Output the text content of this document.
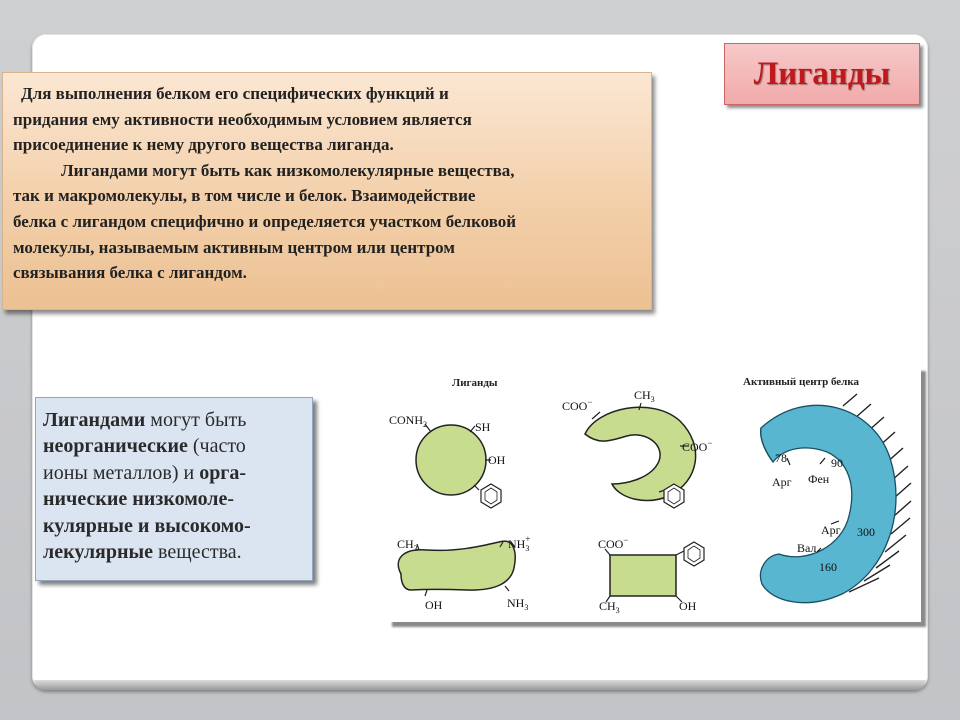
Лиганды
Для выполнения белком его специфических функций и
придания ему активности необходимым условием является
присоединение к нему другого вещества лиганда.
Лигандами могут быть как низкомолекулярные вещества,
так и макромолекулы, в том числе и белок. Взаимодействие
белка с лигандом специфично и определяется участком белковой
молекулы, называемым активным центром или центром
связывания белка с лигандом.
Лигандами могут быть
неорганические (часто
ионы металлов) и орга-
нические низкомоле-
кулярные и высокомо-
лекулярные вещества.
Лиганды	Активный центр белка
$CONH_2$	SH
OH
COO−	$CH_3$
COO−
$CH_3$	$NH_3+$
OH	$NH_3$
COO−
$CH_3$	OH
78
Арг
90
Фен
Арг 300
Вал
160
